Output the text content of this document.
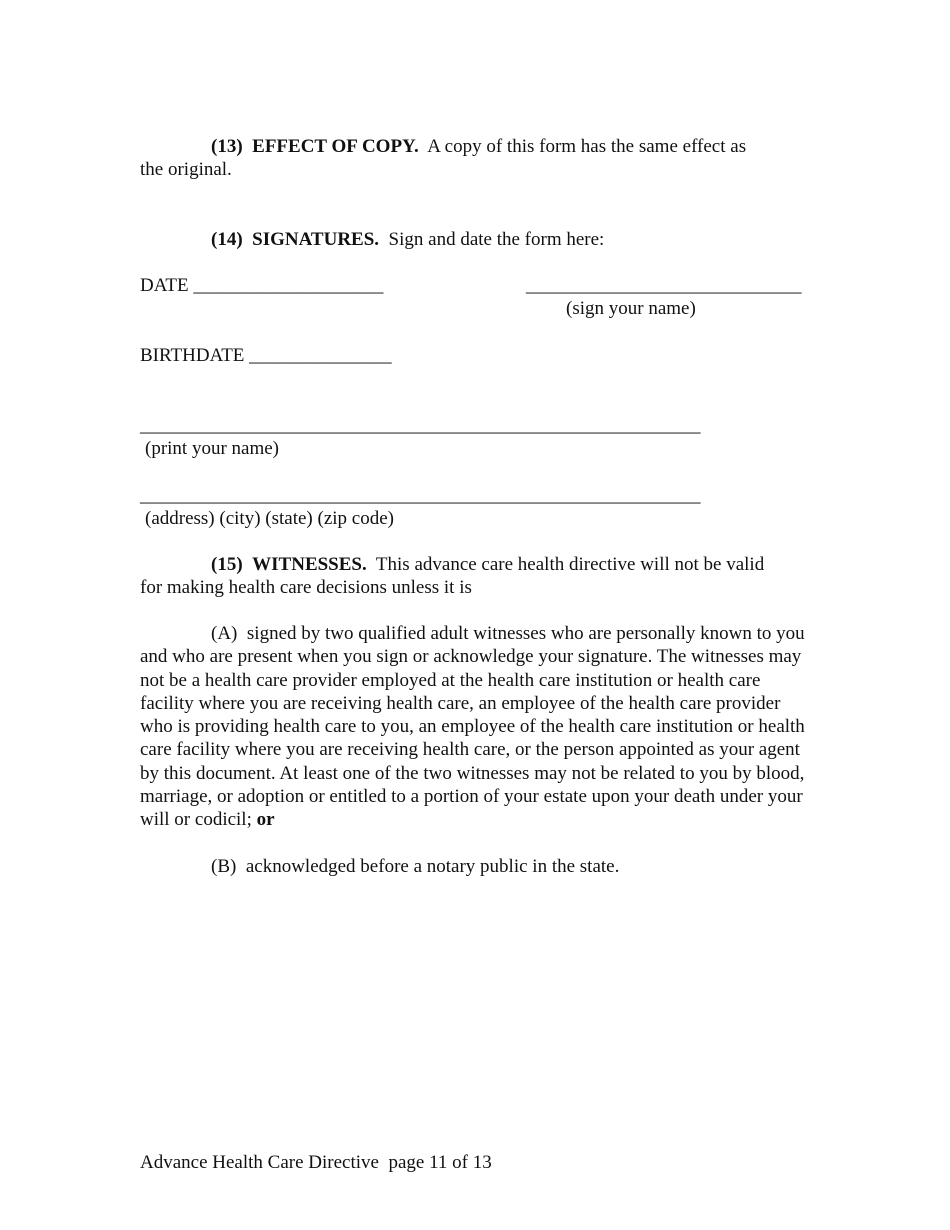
(13) EFFECT OF COPY. A copy of this form has the same effect as
the original.
(14) SIGNATURES. Sign and date the form here:
DATE ____________________	_____________________________
(sign your name)
BIRTHDATE _______________
___________________________________________________________
(print your name)
___________________________________________________________
(address) (city) (state) (zip code)
(15) WITNESSES. This advance care health directive will not be valid
for making health care decisions unless it is
(A) signed by two qualified adult witnesses who are personally known to you and who are present when you sign or acknowledge your signature. The witnesses may not be a health care provider employed at the health care institution or health care facility where you are receiving health care, an employee of the health care provider who is providing health care to you, an employee of the health care institution or health care facility where you are receiving health care, or the person appointed as your agent by this document. At least one of the two witnesses may not be related to you by blood, marriage, or adoption or entitled to a portion of your estate upon your death under your will or codicil; or
(B) acknowledged before a notary public in the state.
Advance Health Care Directive  page 11 of 13
